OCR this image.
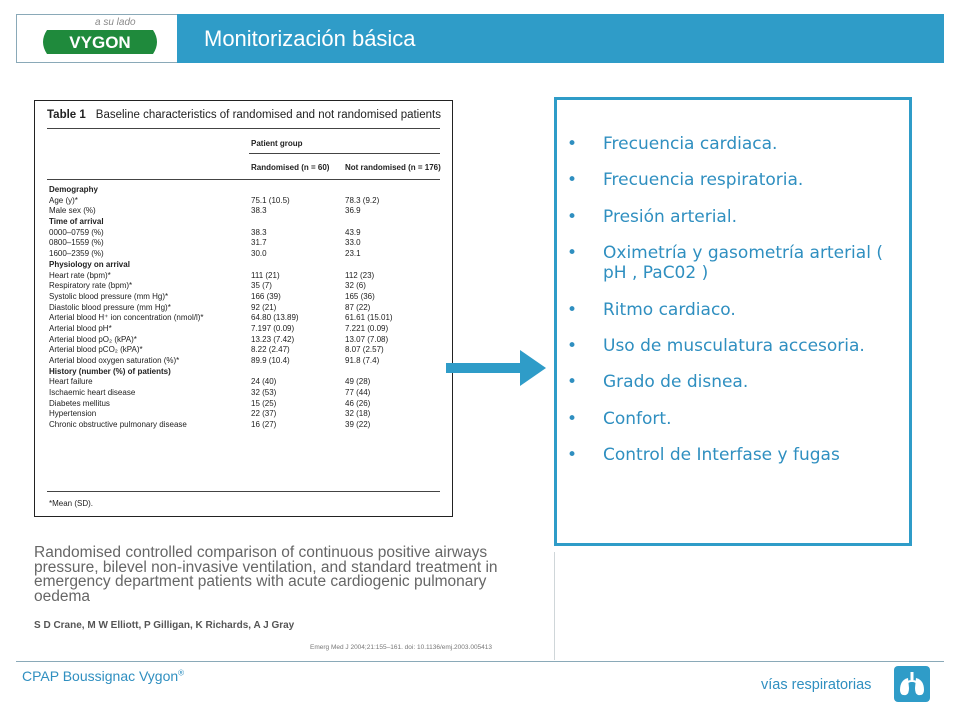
a su lado
VYGON	Monitorización básica
Table 1 Baseline characteristics of randomised and not randomised patients
Patient group
Randomised (n = 60) Not randomised (n = 176)
Demography
Age (y)*	75.1 (10.5)	78.3 (9.2)
Male sex (%)	38.3	36.9
Time of arrival
0000–0759 (%)	38.3	43.9
0800–1559 (%)	31.7	33.0
1600–2359 (%)	30.0	23.1
Physiology on arrival
Heart rate (bpm)*	111 (21)	112 (23)
Respiratory rate (bpm)*	35 (7)	32 (6)
Systolic blood pressure (mm Hg)*	166 (39)	165 (36)
Diastolic blood pressure (mm Hg)*	92 (21)	87 (22)
Arterial blood H⁺ ion concentration (nmol/l)*	64.80 (13.89)	61.61 (15.01)
Arterial blood pH*	7.197 (0.09)	7.221 (0.09)
Arterial blood pO₂ (kPA)*	13.23 (7.42)	13.07 (7.08)
Arterial blood pCO₂ (kPA)*	8.22 (2.47)	8.07 (2.57)
Arterial blood oxygen saturation (%)*	89.9 (10.4)	91.8 (7.4)
History (number (%) of patients)
Heart failure	24 (40)	49 (28)
Ischaemic heart disease	32 (53)	77 (44)
Diabetes mellitus	15 (25)	46 (26)
Hypertension	22 (37)	32 (18)
Chronic obstructive pulmonary disease	16 (27)	39 (22)
*Mean (SD).
Randomised controlled comparison of continuous positive airways pressure, bilevel non-invasive ventilation, and standard treatment in emergency department patients with acute cardiogenic pulmonary oedema
S D Crane, M W Elliott, P Gilligan, K Richards, A J Gray
Emerg Med J 2004;21:155–161. doi: 10.1136/emj.2003.005413
• Frecuencia cardiaca.
• Frecuencia respiratoria.
• Presión arterial.
• Oximetría y gasometría arterial ( pH , PaC02 )
• Ritmo cardiaco.
• Uso de musculatura accesoria.
• Grado de disnea.
• Confort.
• Control de Interfase y fugas
CPAP Boussignac Vygon®
vías respiratorias
